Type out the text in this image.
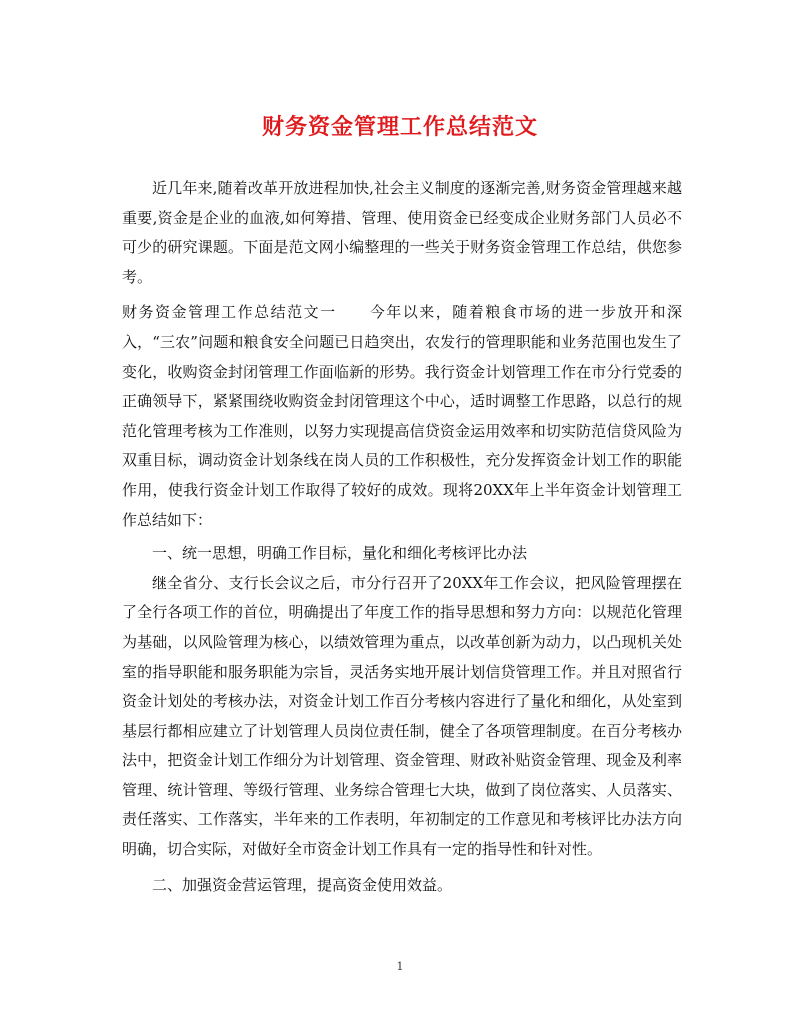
财务资金管理工作总结范文

近几年来,随着改革开放进程加快,社会主义制度的逐渐完善,财务资金管理越来越重要,资金是企业的血液,如何筹措、管理、使用资金已经变成企业财务部门人员必不可少的研究课题。下面是范文网小编整理的一些关于财务资金管理工作总结，供您参考。

财务资金管理工作总结范文一　　今年以来，随着粮食市场的进一步放开和深入，“三农”问题和粮食安全问题已日趋突出，农发行的管理职能和业务范围也发生了变化，收购资金封闭管理工作面临新的形势。我行资金计划管理工作在市分行党委的正确领导下，紧紧围绕收购资金封闭管理这个中心，适时调整工作思路，以总行的规范化管理考核为工作准则，以努力实现提高信贷资金运用效率和切实防范信贷风险为双重目标，调动资金计划条线在岗人员的工作积极性，充分发挥资金计划工作的职能作用，使我行资金计划工作取得了较好的成效。现将20XX年上半年资金计划管理工作总结如下：

一、统一思想，明确工作目标，量化和细化考核评比办法

继全省分、支行长会议之后，市分行召开了20XX年工作会议，把风险管理摆在了全行各项工作的首位，明确提出了年度工作的指导思想和努力方向：以规范化管理为基础，以风险管理为核心，以绩效管理为重点，以改革创新为动力，以凸现机关处室的指导职能和服务职能为宗旨，灵活务实地开展计划信贷管理工作。并且对照省行资金计划处的考核办法，对资金计划工作百分考核内容进行了量化和细化，从处室到基层行都相应建立了计划管理人员岗位责任制，健全了各项管理制度。在百分考核办法中，把资金计划工作细分为计划管理、资金管理、财政补贴资金管理、现金及利率管理、统计管理、等级行管理、业务综合管理七大块，做到了岗位落实、人员落实、责任落实、工作落实，半年来的工作表明，年初制定的工作意见和考核评比办法方向明确，切合实际，对做好全市资金计划工作具有一定的指导性和针对性。

二、加强资金营运管理，提高资金使用效益。

1
